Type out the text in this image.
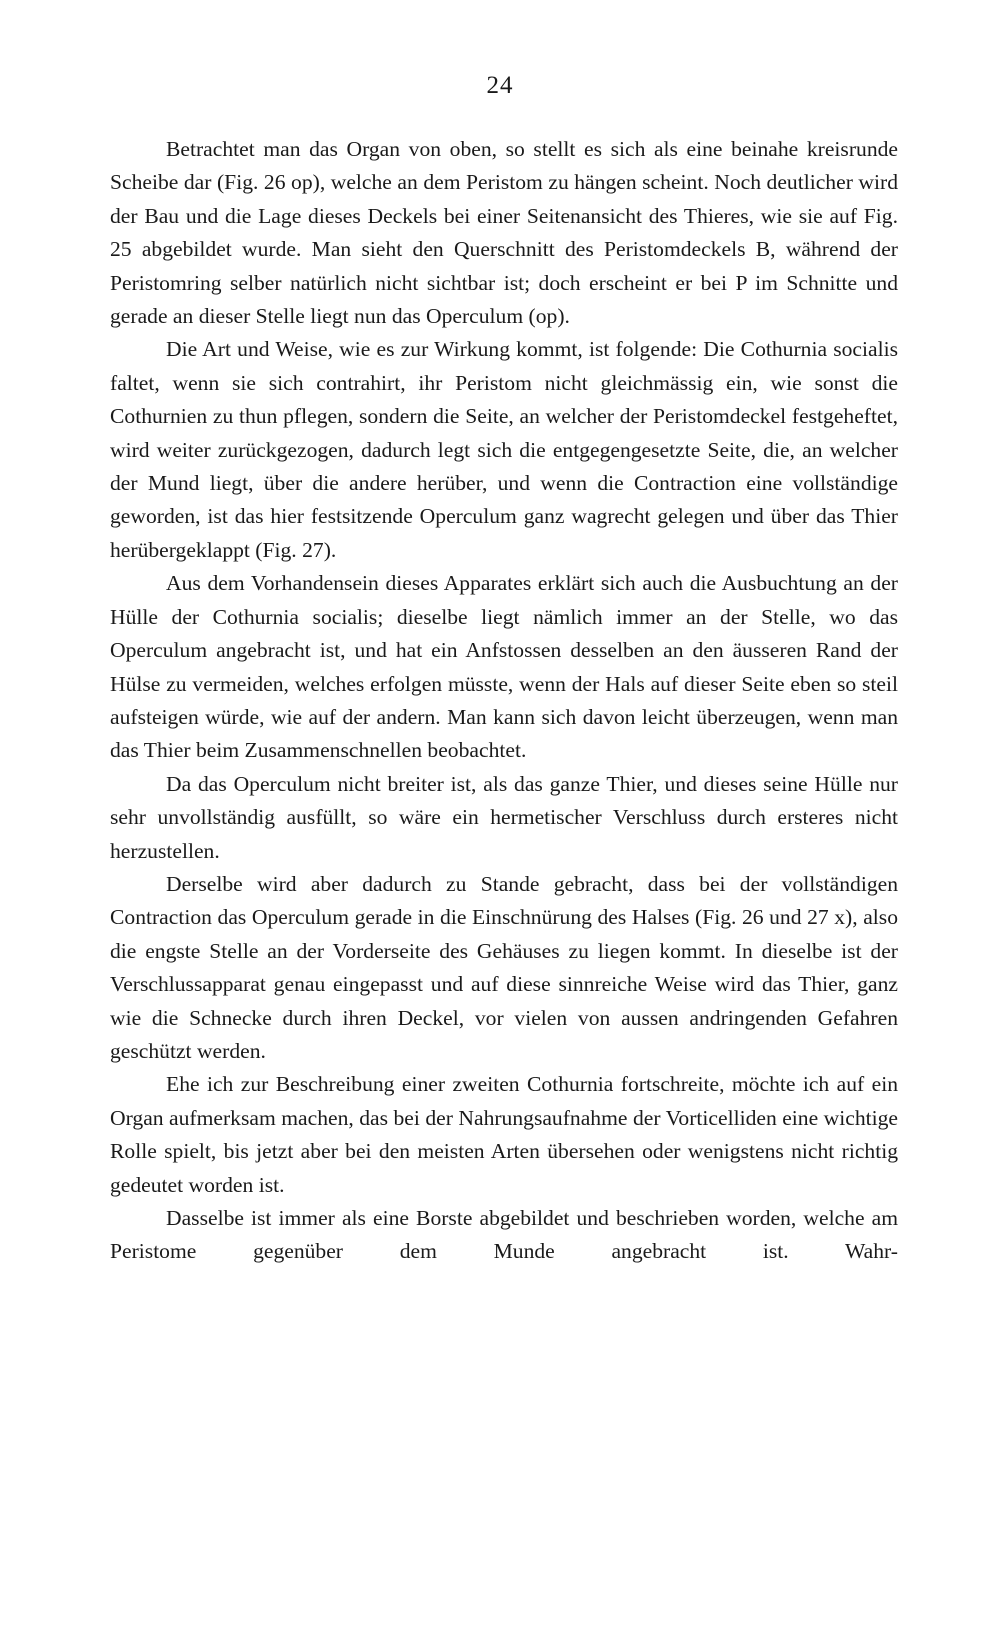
24

Betrachtet man das Organ von oben, so stellt es sich als eine beinahe kreisrunde Scheibe dar (Fig. 26 op), welche an dem Peristom zu hängen scheint. Noch deutlicher wird der Bau und die Lage dieses Deckels bei einer Seitenansicht des Thieres, wie sie auf Fig. 25 abgebildet wurde. Man sieht den Querschnitt des Peristomdeckels B, während der Peristomring selber natürlich nicht sichtbar ist; doch erscheint er bei P im Schnitte und gerade an dieser Stelle liegt nun das Operculum (op).

Die Art und Weise, wie es zur Wirkung kommt, ist folgende: Die Cothurnia socialis faltet, wenn sie sich contrahirt, ihr Peristom nicht gleichmässig ein, wie sonst die Cothurnien zu thun pflegen, sondern die Seite, an welcher der Peristomdeckel festgeheftet, wird weiter zurückgezogen, dadurch legt sich die entgegengesetzte Seite, die, an welcher der Mund liegt, über die andere herüber, und wenn die Contraction eine vollständige geworden, ist das hier festsitzende Operculum ganz wagrecht gelegen und über das Thier herübergeklappt (Fig. 27).

Aus dem Vorhandensein dieses Apparates erklärt sich auch die Ausbuchtung an der Hülle der Cothurnia socialis; dieselbe liegt nämlich immer an der Stelle, wo das Operculum angebracht ist, und hat ein Anfstossen desselben an den äusseren Rand der Hülse zu vermeiden, welches erfolgen müsste, wenn der Hals auf dieser Seite eben so steil aufsteigen würde, wie auf der andern. Man kann sich davon leicht überzeugen, wenn man das Thier beim Zusammenschnellen beobachtet.

Da das Operculum nicht breiter ist, als das ganze Thier, und dieses seine Hülle nur sehr unvollständig ausfüllt, so wäre ein hermetischer Verschluss durch ersteres nicht herzustellen.

Derselbe wird aber dadurch zu Stande gebracht, dass bei der vollständigen Contraction das Operculum gerade in die Einschnürung des Halses (Fig. 26 und 27 x), also die engste Stelle an der Vorderseite des Gehäuses zu liegen kommt. In dieselbe ist der Verschlussapparat genau eingepasst und auf diese sinnreiche Weise wird das Thier, ganz wie die Schnecke durch ihren Deckel, vor vielen von aussen andringenden Gefahren geschützt werden.

Ehe ich zur Beschreibung einer zweiten Cothurnia fortschreite, möchte ich auf ein Organ aufmerksam machen, das bei der Nahrungsaufnahme der Vorticelliden eine wichtige Rolle spielt, bis jetzt aber bei den meisten Arten übersehen oder wenigstens nicht richtig gedeutet worden ist.

Dasselbe ist immer als eine Borste abgebildet und beschrieben worden, welche am Peristome gegenüber dem Munde angebracht ist. Wahr-
